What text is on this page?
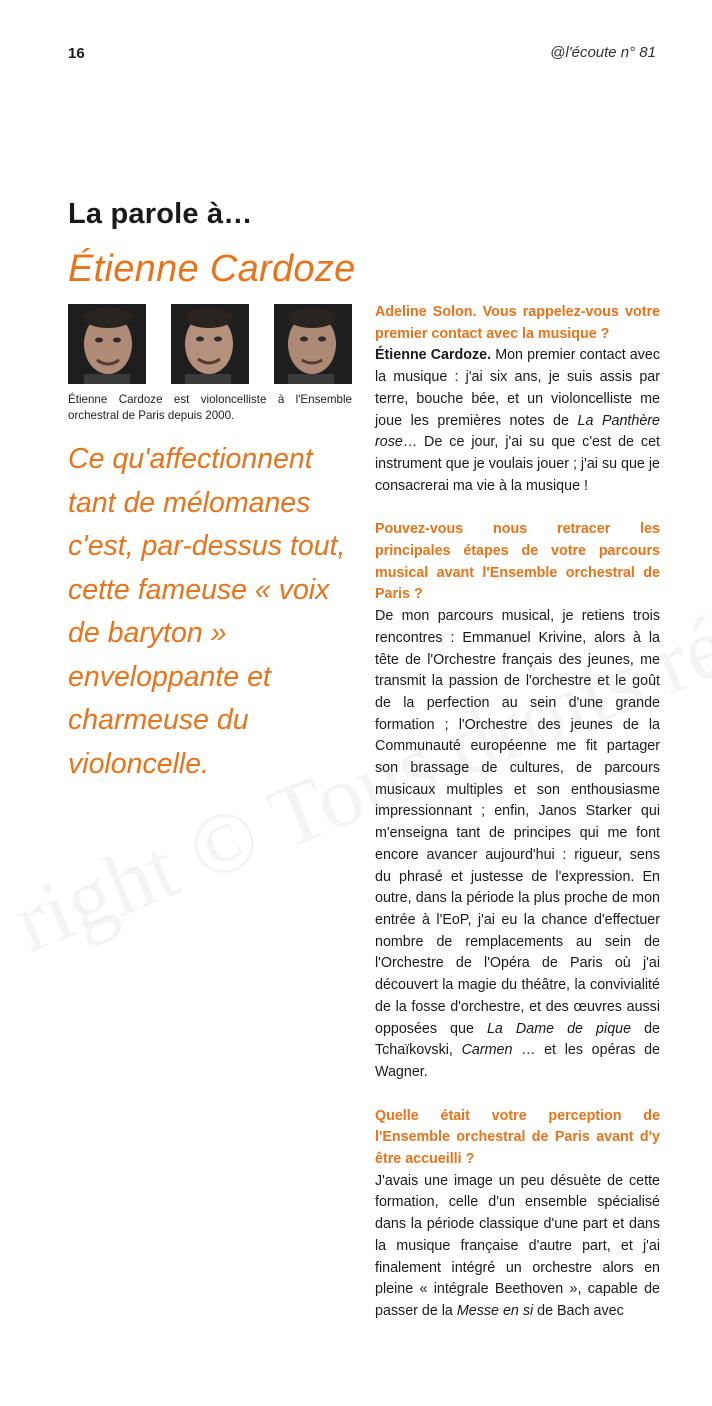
16	@l'écoute n° 81
La parole à…
Étienne Cardoze
Étienne Cardoze est violoncelliste à l'Ensemble orchestral de Paris depuis 2000.
Ce qu'affectionnent tant de mélomanes c'est, par-dessus tout, cette fameuse « voix de baryton » enveloppante et charmeuse du violoncelle.

Adeline Solon. Vous rappelez-vous votre premier contact avec la musique ?

Étienne Cardoze. Mon premier contact avec la musique : j'ai six ans, je suis assis par terre, bouche bée, et un violoncelliste me joue les premières notes de La Panthère rose… De ce jour, j'ai su que c'est de cet instrument que je voulais jouer ; j'ai su que je consacrerai ma vie à la musique !

Pouvez-vous nous retracer les principales étapes de votre parcours musical avant l'Ensemble orchestral de Paris ?

De mon parcours musical, je retiens trois rencontres : Emmanuel Krivine, alors à la tête de l'Orchestre français des jeunes, me transmit la passion de l'orchestre et le goût de la perfection au sein d'une grande formation ; l'Orchestre des jeunes de la Communauté européenne me fit partager son brassage de cultures, de parcours musicaux multiples et son enthousiasme impressionnant ; enfin, Janos Starker qui m'enseigna tant de principes qui me font encore avancer aujourd'hui : rigueur, sens du phrasé et justesse de l'expression. En outre, dans la période la plus proche de mon entrée à l'EoP, j'ai eu la chance d'effectuer nombre de remplacements au sein de l'Orchestre de l'Opéra de Paris où j'ai découvert la magie du théâtre, la convivialité de la fosse d'orchestre, et des œuvres aussi opposées que La Dame de pique de Tchaïkovski, Carmen … et les opéras de Wagner.

Quelle était votre perception de l'Ensemble orchestral de Paris avant d'y être accueilli ?

J'avais une image un peu désuète de cette formation, celle d'un ensemble spécialisé dans la période classique d'une part et dans la musique française d'autre part, et j'ai finalement intégré un orchestre alors en pleine « intégrale Beethoven », capable de passer de la Messe en si de Bach avec
